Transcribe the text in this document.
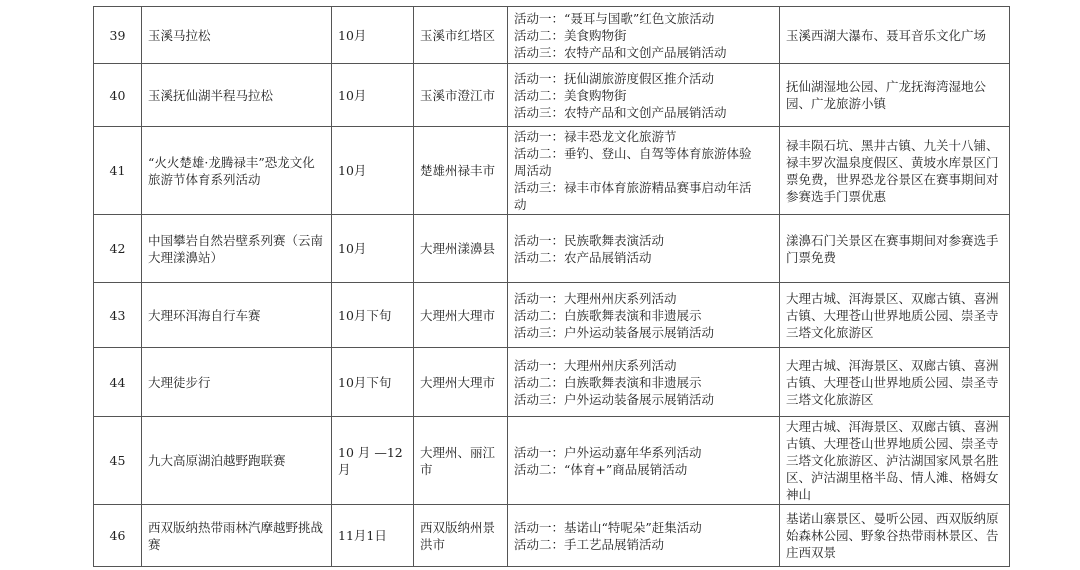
39	玉溪马拉松	10月	玉溪市红塔区	活动一：“聂耳与国歌”红色文旅活动
活动二：美食购物街
活动三：农特产品和文创产品展销活动	玉溪西湖大瀑布、聂耳音乐文化广场
40	玉溪抚仙湖半程马拉松	10月	玉溪市澄江市	活动一：抚仙湖旅游度假区推介活动
活动二：美食购物街
活动三：农特产品和文创产品展销活动	抚仙湖湿地公园、广龙抚海湾湿地公园、广龙旅游小镇
41	“火火楚雄·龙腾禄丰”恐龙文化旅游节体育系列活动	10月	楚雄州禄丰市	活动一：禄丰恐龙文化旅游节
活动二：垂钓、登山、自驾等体育旅游体验
周活动
活动三：禄丰市体育旅游精品赛事启动年活
动	禄丰陨石坑、黑井古镇、九关十八铺、禄丰罗次温泉度假区、黄坡水库景区门票免费，世界恐龙谷景区在赛事期间对参赛选手门票优惠
42	中国攀岩自然岩壁系列赛（云南大理漾濞站）	10月	大理州漾濞县	活动一：民族歌舞表演活动
活动二：农产品展销活动	漾濞石门关景区在赛事期间对参赛选手门票免费
43	大理环洱海自行车赛	10月下旬	大理州大理市	活动一：大理州州庆系列活动
活动二：白族歌舞表演和非遗展示
活动三：户外运动装备展示展销活动	大理古城、洱海景区、双廊古镇、喜洲古镇、大理苍山世界地质公园、崇圣寺三塔文化旅游区
44	大理徒步行	10月下旬	大理州大理市	活动一：大理州州庆系列活动
活动二：白族歌舞表演和非遗展示
活动三：户外运动装备展示展销活动	大理古城、洱海景区、双廊古镇、喜洲古镇、大理苍山世界地质公园、崇圣寺三塔文化旅游区
45	九大高原湖泊越野跑联赛	10 月 —12 月	大理州、丽江市	活动一：户外运动嘉年华系列活动
活动二：“体育+”商品展销活动	大理古城、洱海景区、双廊古镇、喜洲古镇、大理苍山世界地质公园、崇圣寺三塔文化旅游区、泸沽湖国家风景名胜区、泸沽湖里格半岛、情人滩、格姆女神山
46	西双版纳热带雨林汽摩越野挑战赛	11月1日	西双版纳州景洪市	活动一：基诺山“特呢朵”赶集活动
活动二：手工艺品展销活动	基诺山寨景区、曼听公园、西双版纳原始森林公园、野象谷热带雨林景区、告庄西双景
